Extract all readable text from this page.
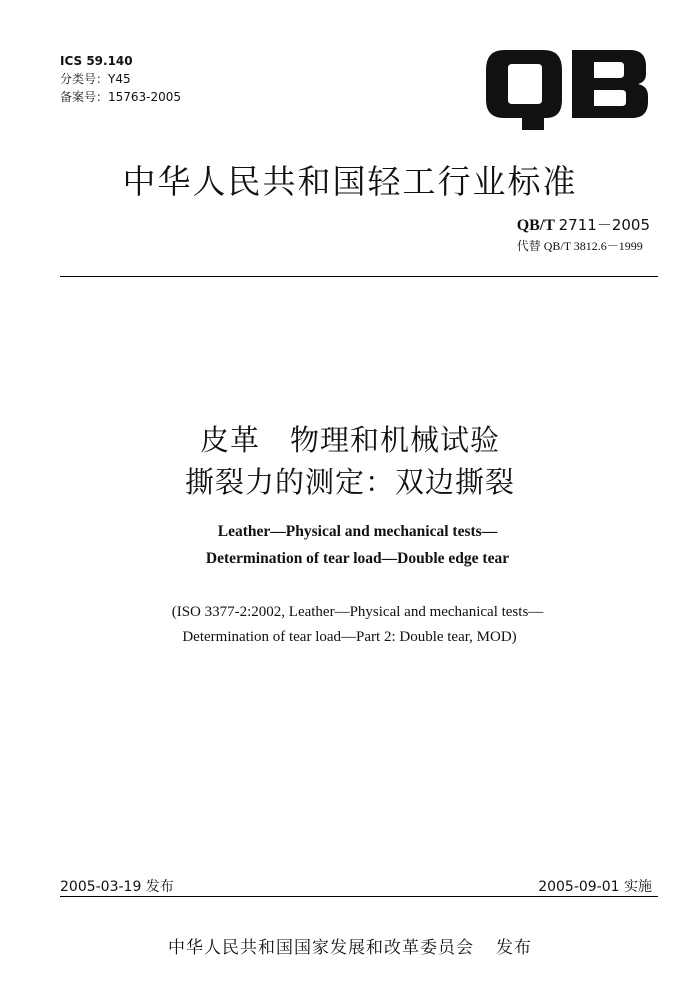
ICS 59.140
分类号：Y45
备案号：15763-2005
QB
中华人民共和国轻工行业标准
QB/T 2711－2005
代替 QB/T 3812.6－1999
皮革　物理和机械试验
撕裂力的测定：双边撕裂
Leather—Physical and mechanical tests—
Determination of tear load—Double edge tear
(ISO 3377-2:2002, Leather—Physical and mechanical tests—
Determination of tear load—Part 2: Double tear, MOD)
2005-03-19 发布	2005-09-01 实施
中华人民共和国国家发展和改革委员会 发布
